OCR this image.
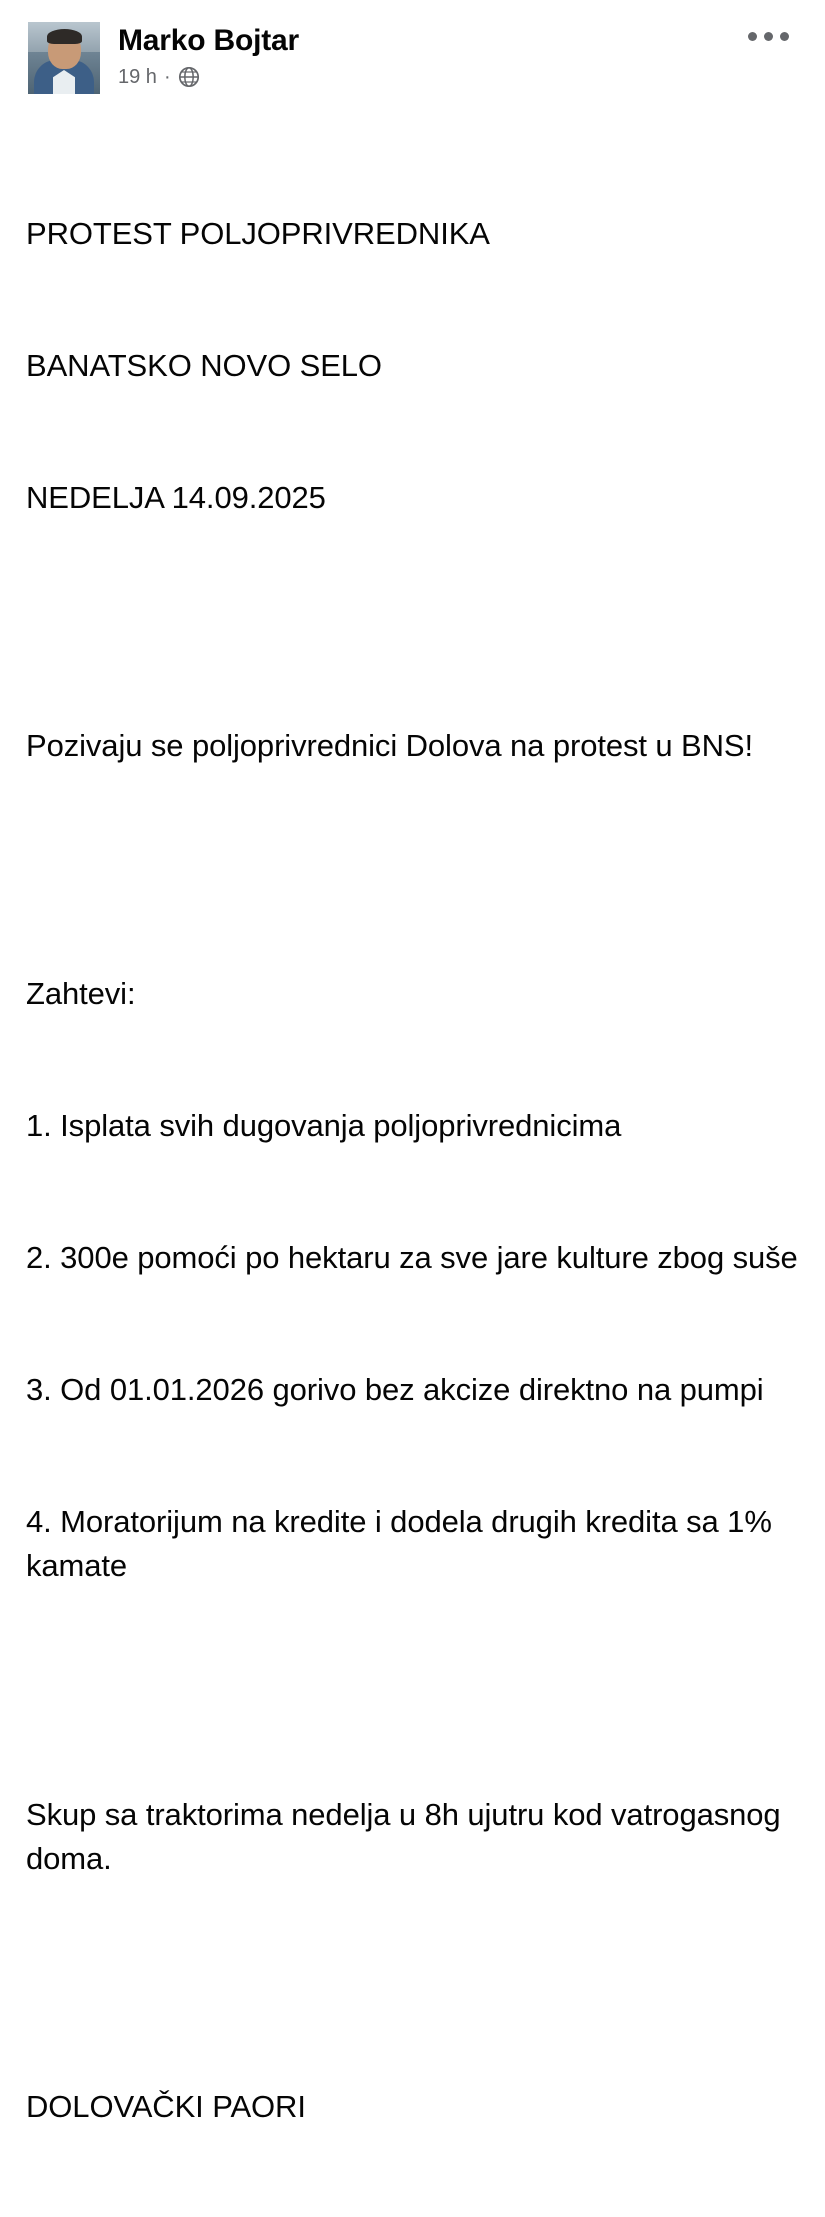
Marko Bojtar
19 h ·

PROTEST POLJOPRIVREDNIKA

BANATSKO NOVO SELO

NEDELJA 14.09.2025

Pozivaju se poljoprivrednici Dolova na protest u BNS!

Zahtevi:

1. Isplata svih dugovanja poljoprivrednicima

2. 300e pomoći po hektaru za sve jare kulture zbog suše

3. Od 01.01.2026 gorivo bez akcize direktno na pumpi

4. Moratorijum na kredite i dodela drugih kredita sa 1% kamate

Skup sa traktorima nedelja u 8h ujutru kod vatrogasnog doma.

DOLOVAČKI PAORI
